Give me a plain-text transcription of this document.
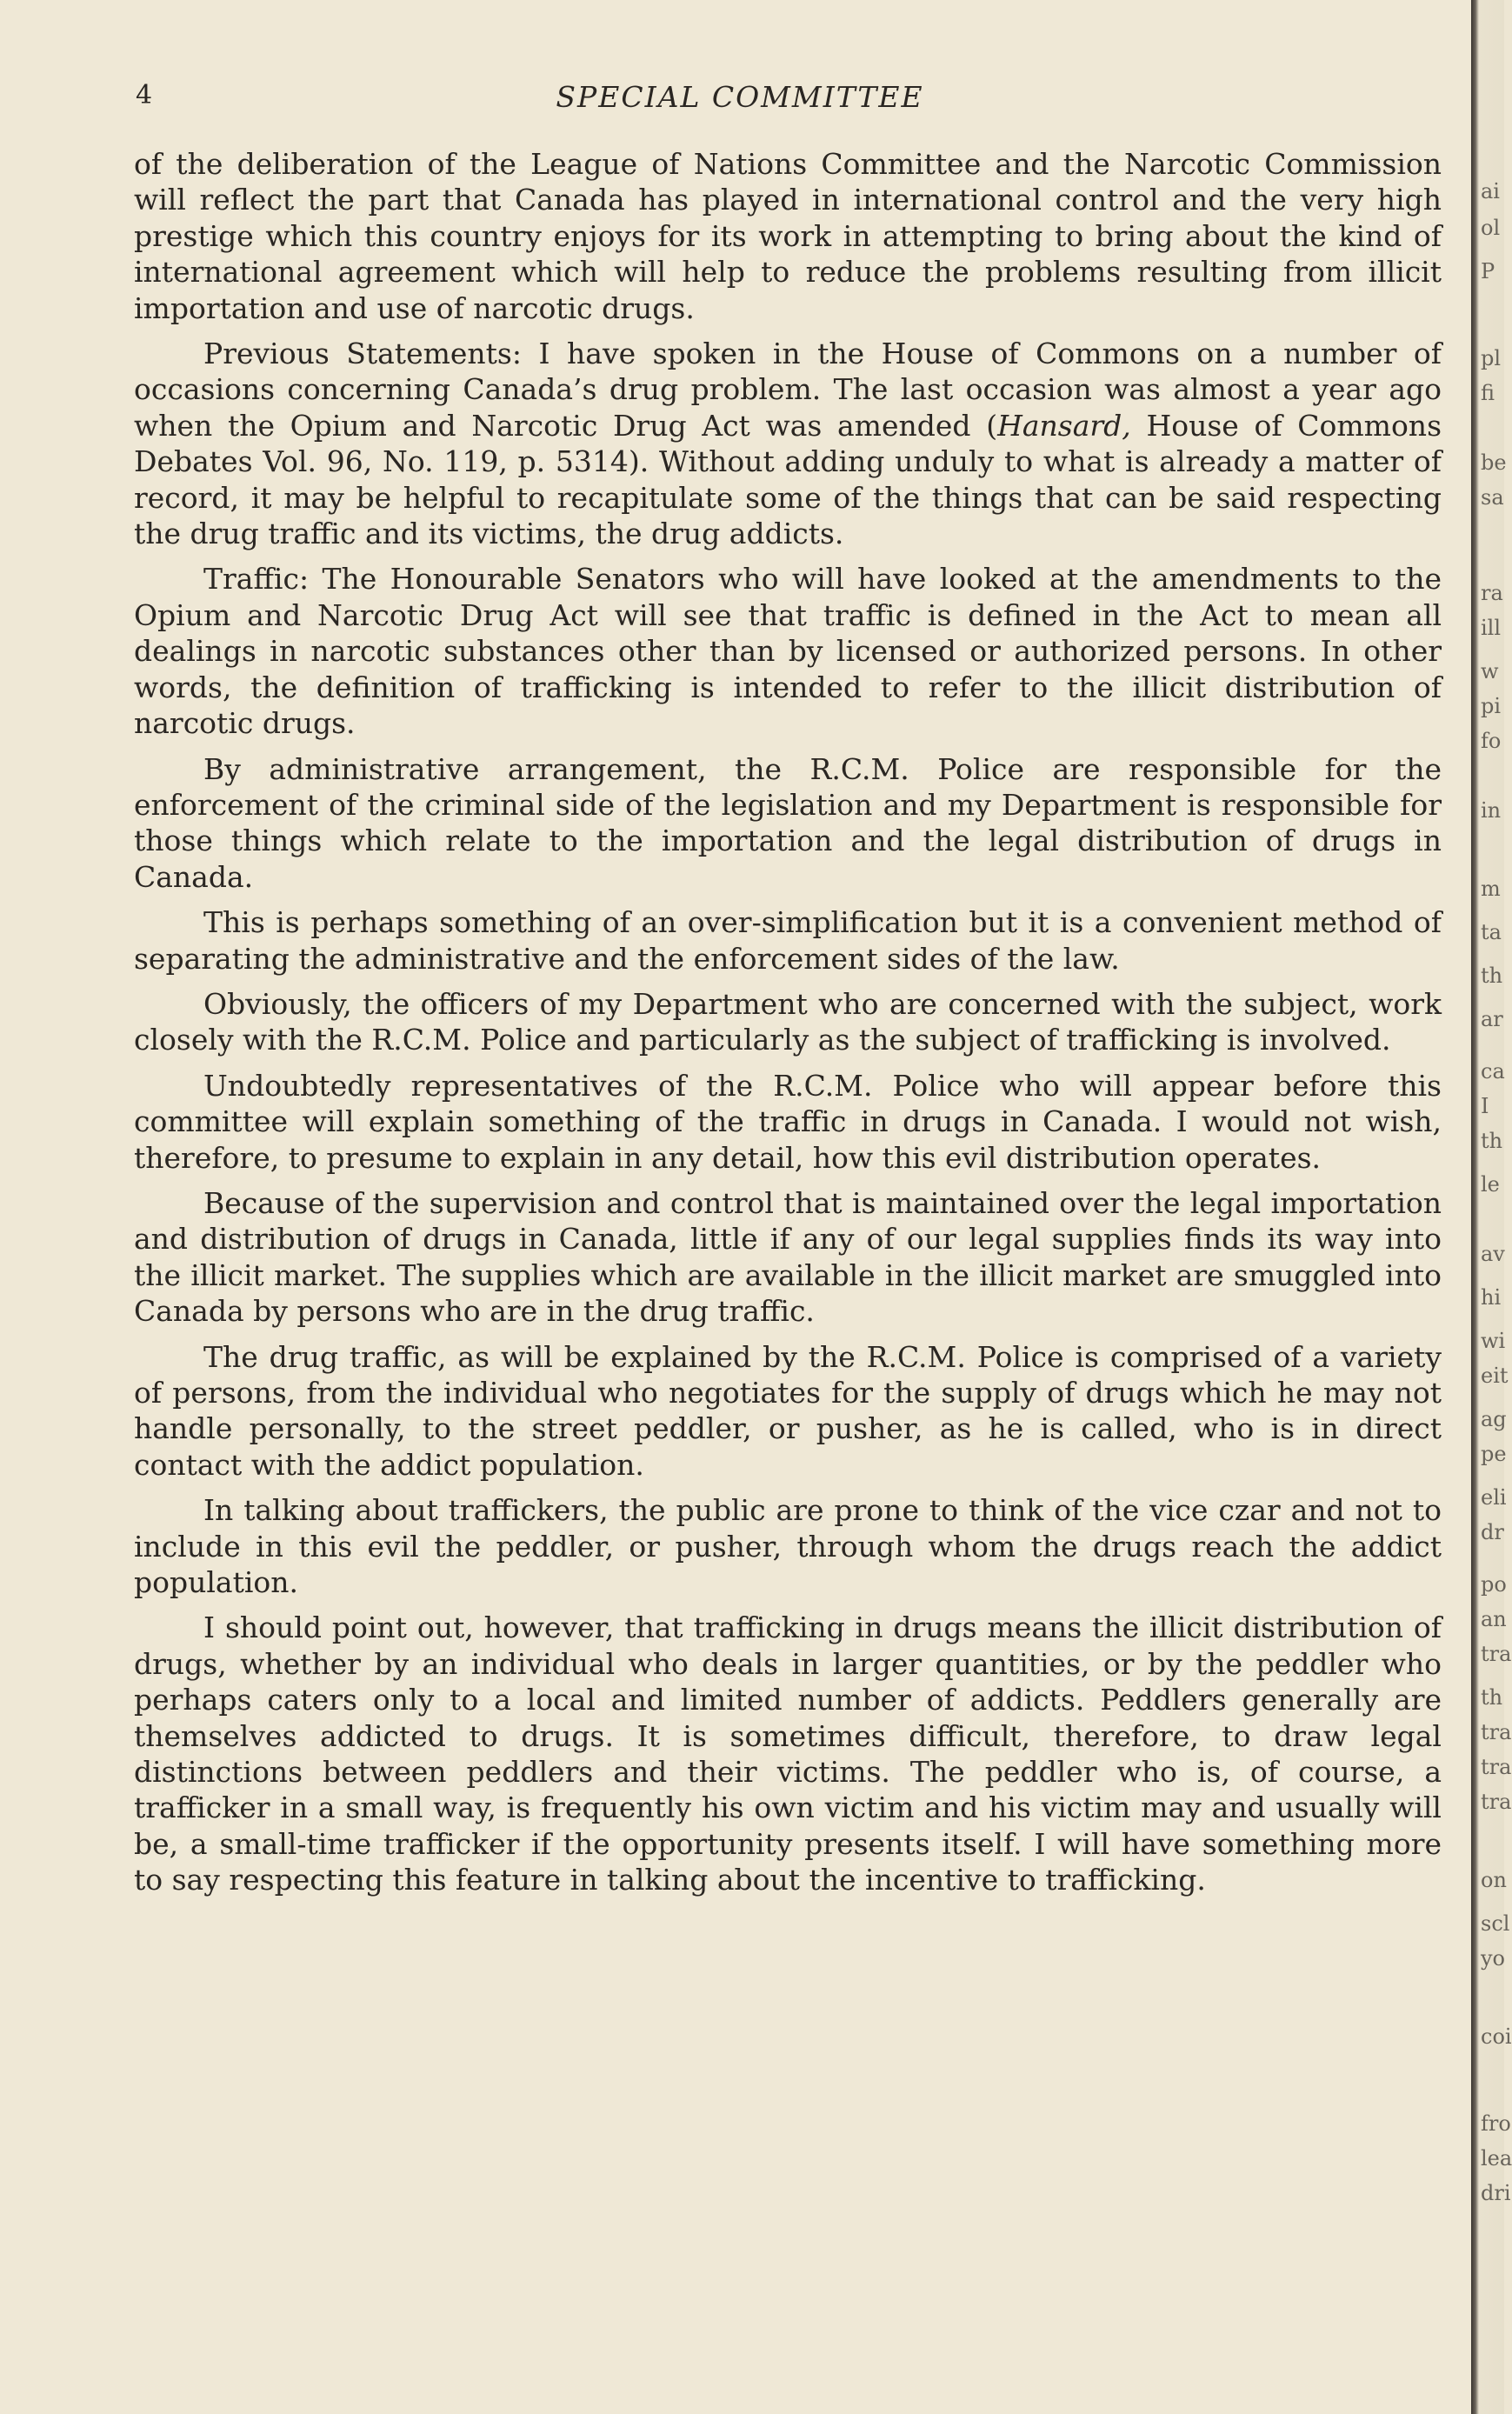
4	SPECIAL COMMITTEE

of the deliberation of the League of Nations Committee and the Narcotic Commission will reflect the part that Canada has played in international control and the very high prestige which this country enjoys for its work in attempting to bring about the kind of international agreement which will help to reduce the problems resulting from illicit importation and use of narcotic drugs.

Previous Statements: I have spoken in the House of Commons on a number of occasions concerning Canada’s drug problem. The last occasion was almost a year ago when the Opium and Narcotic Drug Act was amended (Hansard, House of Commons Debates Vol. 96, No. 119, p. 5314). Without adding unduly to what is already a matter of record, it may be helpful to recapitulate some of the things that can be said respecting the drug traffic and its victims, the drug addicts.

Traffic: The Honourable Senators who will have looked at the amendments to the Opium and Narcotic Drug Act will see that traffic is defined in the Act to mean all dealings in narcotic substances other than by licensed or authorized persons. In other words, the definition of trafficking is intended to refer to the illicit distribution of narcotic drugs.

By administrative arrangement, the R.C.M. Police are responsible for the enforcement of the criminal side of the legislation and my Department is responsible for those things which relate to the importation and the legal distribution of drugs in Canada.

This is perhaps something of an over-simplification but it is a convenient method of separating the administrative and the enforcement sides of the law.

Obviously, the officers of my Department who are concerned with the subject, work closely with the R.C.M. Police and particularly as the subject of trafficking is involved.

Undoubtedly representatives of the R.C.M. Police who will appear before this committee will explain something of the traffic in drugs in Canada. I would not wish, therefore, to presume to explain in any detail, how this evil distribution operates.

Because of the supervision and control that is maintained over the legal importation and distribution of drugs in Canada, little if any of our legal supplies finds its way into the illicit market. The supplies which are available in the illicit market are smuggled into Canada by persons who are in the drug traffic.

The drug traffic, as will be explained by the R.C.M. Police is comprised of a variety of persons, from the individual who negotiates for the supply of drugs which he may not handle personally, to the street peddler, or pusher, as he is called, who is in direct contact with the addict population.

In talking about traffickers, the public are prone to think of the vice czar and not to include in this evil the peddler, or pusher, through whom the drugs reach the addict population.

I should point out, however, that trafficking in drugs means the illicit distribution of drugs, whether by an individual who deals in larger quantities, or by the peddler who perhaps caters only to a local and limited number of addicts. Peddlers generally are themselves addicted to drugs. It is sometimes difficult, therefore, to draw legal distinctions between peddlers and their victims. The peddler who is, of course, a trafficker in a small way, is frequently his own victim and his victim may and usually will be, a small-time trafficker if the opportunity presents itself. I will have something more to say respecting this feature in talking about the incentive to trafficking.

ai
ol
P
pl
fi
be
sa
ra
ill
w
pi
fo
in
m
ta
th
ar
ca
I
th
le
av
hi
wi
eit
ag
pe
eli
dr
po
an
tra
th
tra
tra
tra
on
scl
yo
coi
fro
lea
dri
